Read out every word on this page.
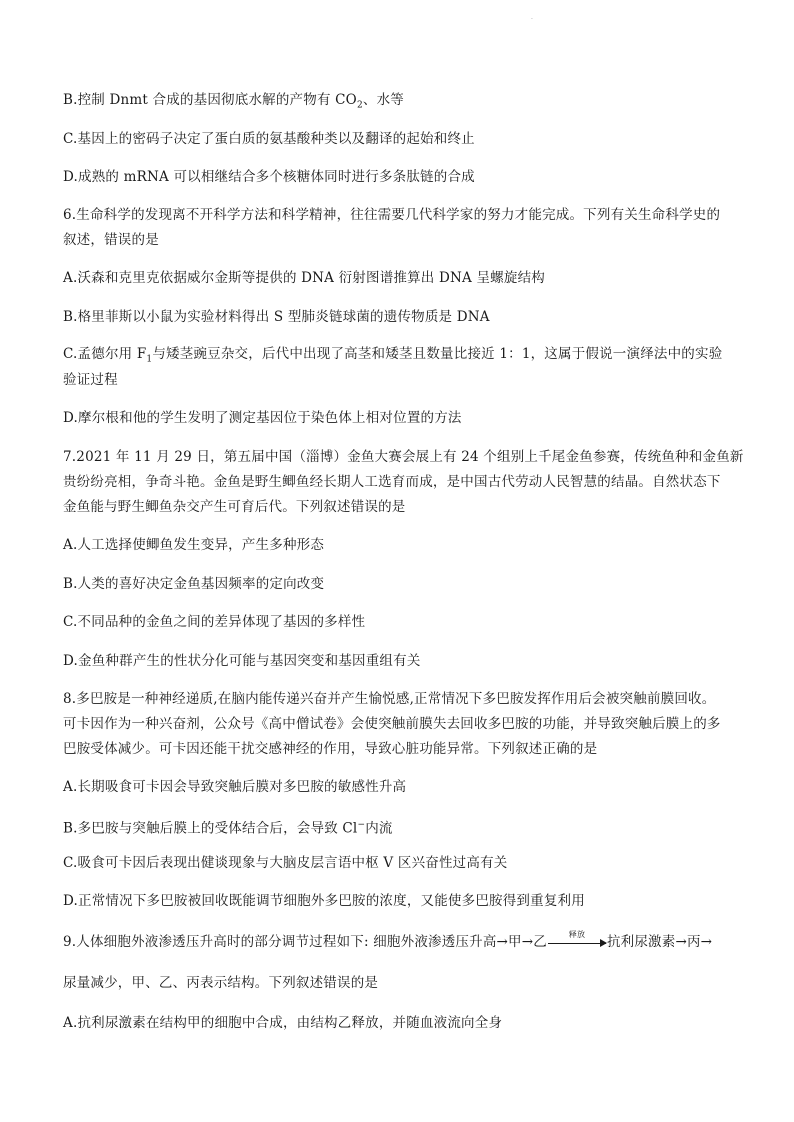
.
B.控制 Dnmt 合成的基因彻底水解的产物有 $CO_2$、水等
C.基因上的密码子决定了蛋白质的氨基酸种类以及翻译的起始和终止
D.成熟的 mRNA 可以相继结合多个核糖体同时进行多条肽链的合成
6.生命科学的发现离不开科学方法和科学精神，往往需要几代科学家的努力才能完成。下列有关生命科学史的
叙述，错误的是
A.沃森和克里克依据威尔金斯等提供的 DNA 衍射图谱推算出 DNA 呈螺旋结构
B.格里菲斯以小鼠为实验材料得出 S 型肺炎链球菌的遗传物质是 DNA
C.孟德尔用 $F_1$与矮茎豌豆杂交，后代中出现了高茎和矮茎且数量比接近 1：1，这属于假说一演绎法中的实验
验证过程
D.摩尔根和他的学生发明了测定基因位于染色体上相对位置的方法
7.2021 年 11 月 29 日，第五届中国（淄博）金鱼大赛会展上有 24 个组别上千尾金鱼参赛，传统鱼种和金鱼新
贵纷纷亮相，争奇斗艳。金鱼是野生鲫鱼经长期人工选育而成，是中国古代劳动人民智慧的结晶。自然状态下
金鱼能与野生鲫鱼杂交产生可育后代。下列叙述错误的是
A.人工选择使鲫鱼发生变异，产生多种形态
B.人类的喜好决定金鱼基因频率的定向改变
C.不同品种的金鱼之间的差异体现了基因的多样性
D.金鱼种群产生的性状分化可能与基因突变和基因重组有关
8.多巴胺是一种神经递质,在脑内能传递兴奋并产生愉悦感,正常情况下多巴胺发挥作用后会被突触前膜回收。
可卡因作为一种兴奋剂，公众号《高中僧试卷》会使突触前膜失去回收多巴胺的功能，并导致突触后膜上的多
巴胺受体减少。可卡因还能干扰交感神经的作用，导致心脏功能异常。下列叙述正确的是
A.长期吸食可卡因会导致突触后膜对多巴胺的敏感性升高
B.多巴胺与突触后膜上的受体结合后，会导致 Cl−内流
C.吸食可卡因后表现出健谈现象与大脑皮层言语中枢 V 区兴奋性过高有关
D.正常情况下多巴胺被回收既能调节细胞外多巴胺的浓度，又能使多巴胺得到重复利用
9.人体细胞外液渗透压升高时的部分调节过程如下: 细胞外液渗透压升高→甲→乙	释放	抗利尿激素→丙→
尿量减少，甲、乙、丙表示结构。下列叙述错误的是
A.抗利尿激素在结构甲的细胞中合成，由结构乙释放，并随血液流向全身
